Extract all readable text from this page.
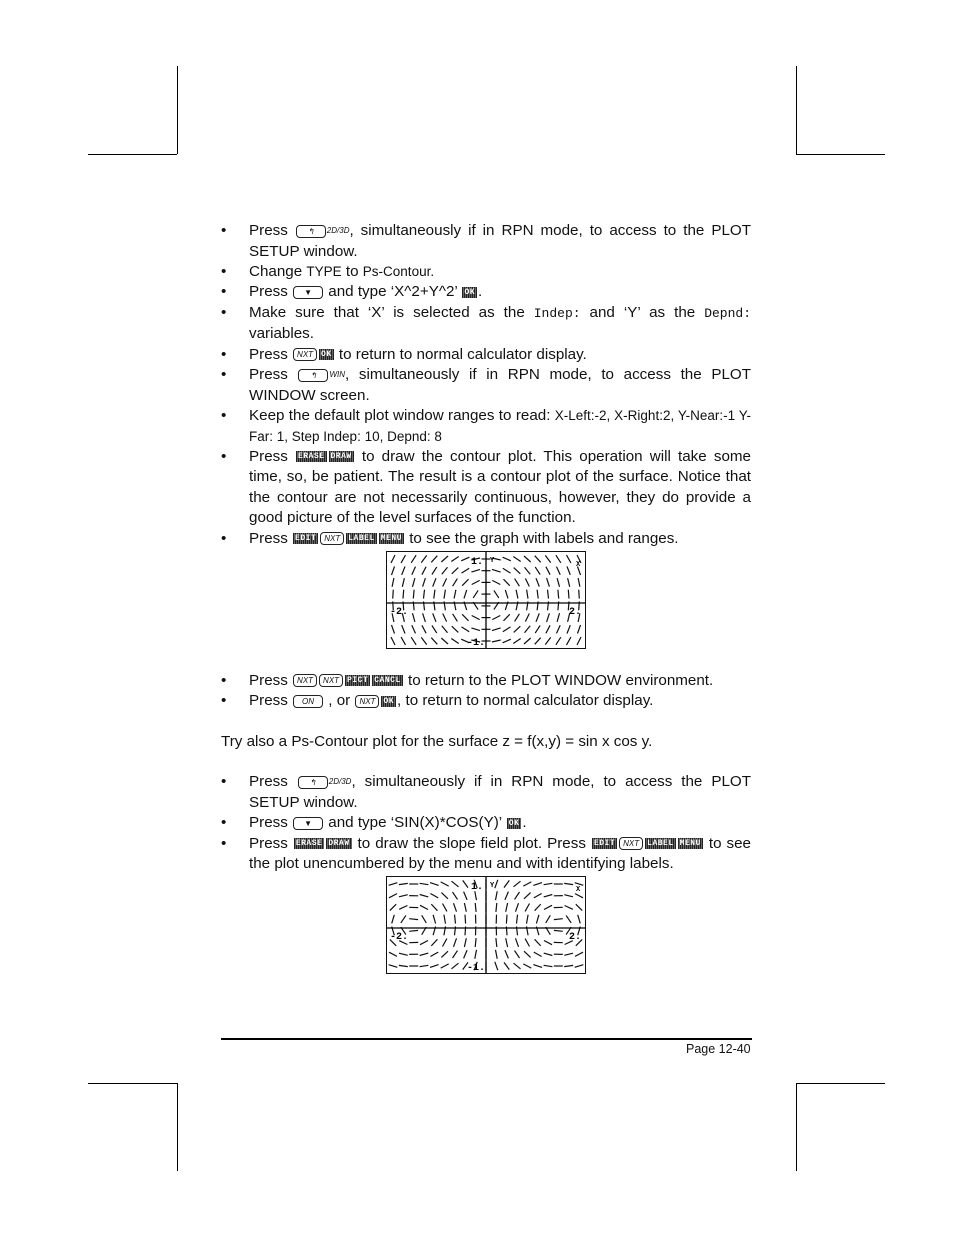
• Press ↰ 2D/3D, simultaneously if in RPN mode, to access to the PLOT SETUP window.
• Change TYPE to Ps-Contour.
• Press ▼ and type ‘X^2+Y^2’ OK .
• Make sure that ‘X’ is selected as the Indep: and ‘Y’ as the Depnd: variables.
• Press NXT OK to return to normal calculator display.
• Press ↰ WIN, simultaneously if in RPN mode, to access the PLOT WINDOW screen.
• Keep the default plot window ranges to read: X-Left:-2, X-Right:2, Y-Near:-1 Y-Far: 1, Step Indep: 10, Depnd: 8
• Press ERASE DRAW to draw the contour plot. This operation will take some time, so, be patient. The result is a contour plot of the surface. Notice that the contour are not necessarily continuous, however, they do provide a good picture of the level surfaces of the function.
• Press EDIT NXT LABEL MENU to see the graph with labels and ranges.
1. Y	X
-2.	2.
-1.
• Press NXT NXT PICT CANCL to return to the PLOT WINDOW environment.
• Press ON , or NXT OK , to return to normal calculator display.

Try also a Ps-Contour plot for the surface z = f(x,y) = sin x cos y.

• Press ↰ 2D/3D, simultaneously if in RPN mode, to access the PLOT SETUP window.
• Press ▼ and type ‘SIN(X)*COS(Y)’ OK .
• Press ERASE DRAW to draw the slope field plot. Press EDIT NXT LABEL MENU to see the plot unencumbered by the menu and with identifying labels.
1. Y	X
-2.	2.
-1.
Page 12-40
